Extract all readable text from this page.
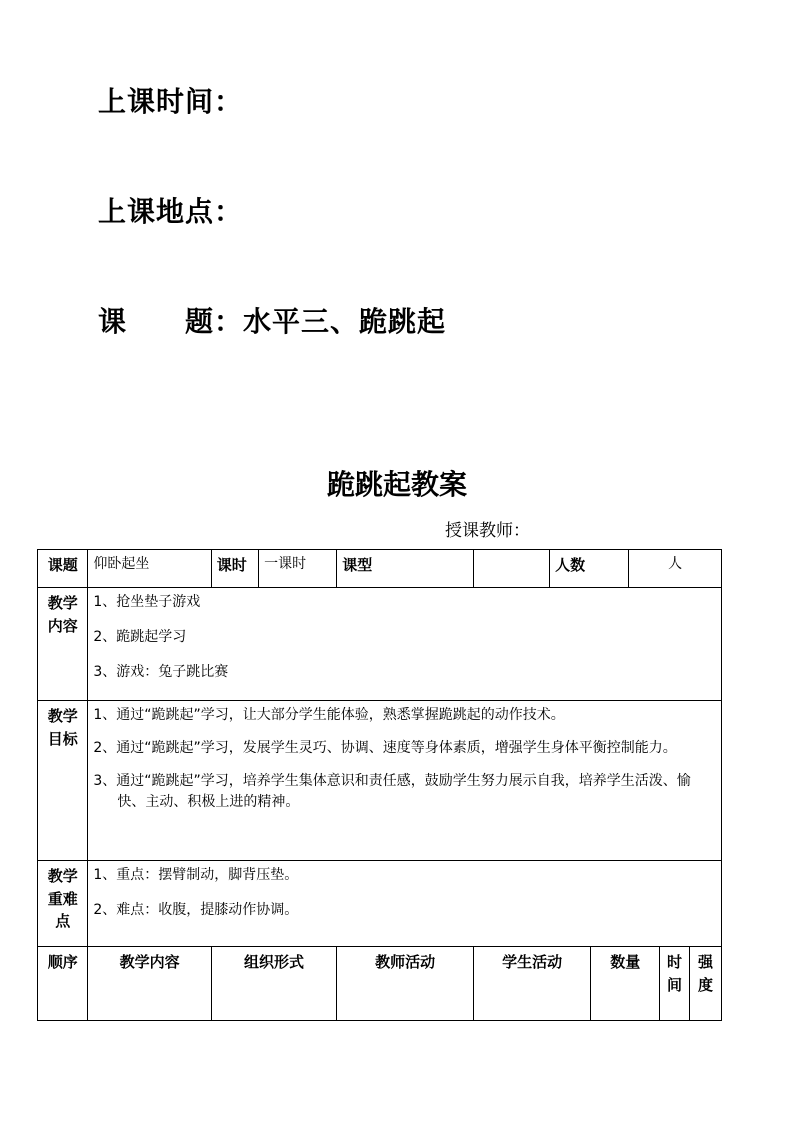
上课时间：
上课地点：
课　　题：水平三、跪跳起
跪跳起教案
授课教师：
课题	仰卧起坐	课时	一课时	课型		人数		人		
教学内容	1、抢坐垫子游戏
2、跪跳起学习
3、游戏：兔子跳比赛									

教学目标	1、通过“跪跳起”学习，让大部分学生能体验，熟悉掌握跪跳起的动作技术。
2、通过“跪跳起”学习，发展学生灵巧、协调、速度等身体素质，增强学生身体平衡控制能力。
3、通过“跪跳起”学习，培养学生集体意识和责任感，鼓励学生努力展示自我，培养学生活泼、愉快、主动、积极上进的精神。									

教学重难点	1、重点：摆臂制动，脚背压垫。
2、难点：收腹，提膝动作协调。									

顺序	教学内容	组织形式		教师活动	学生活动		数量		时间	强度
